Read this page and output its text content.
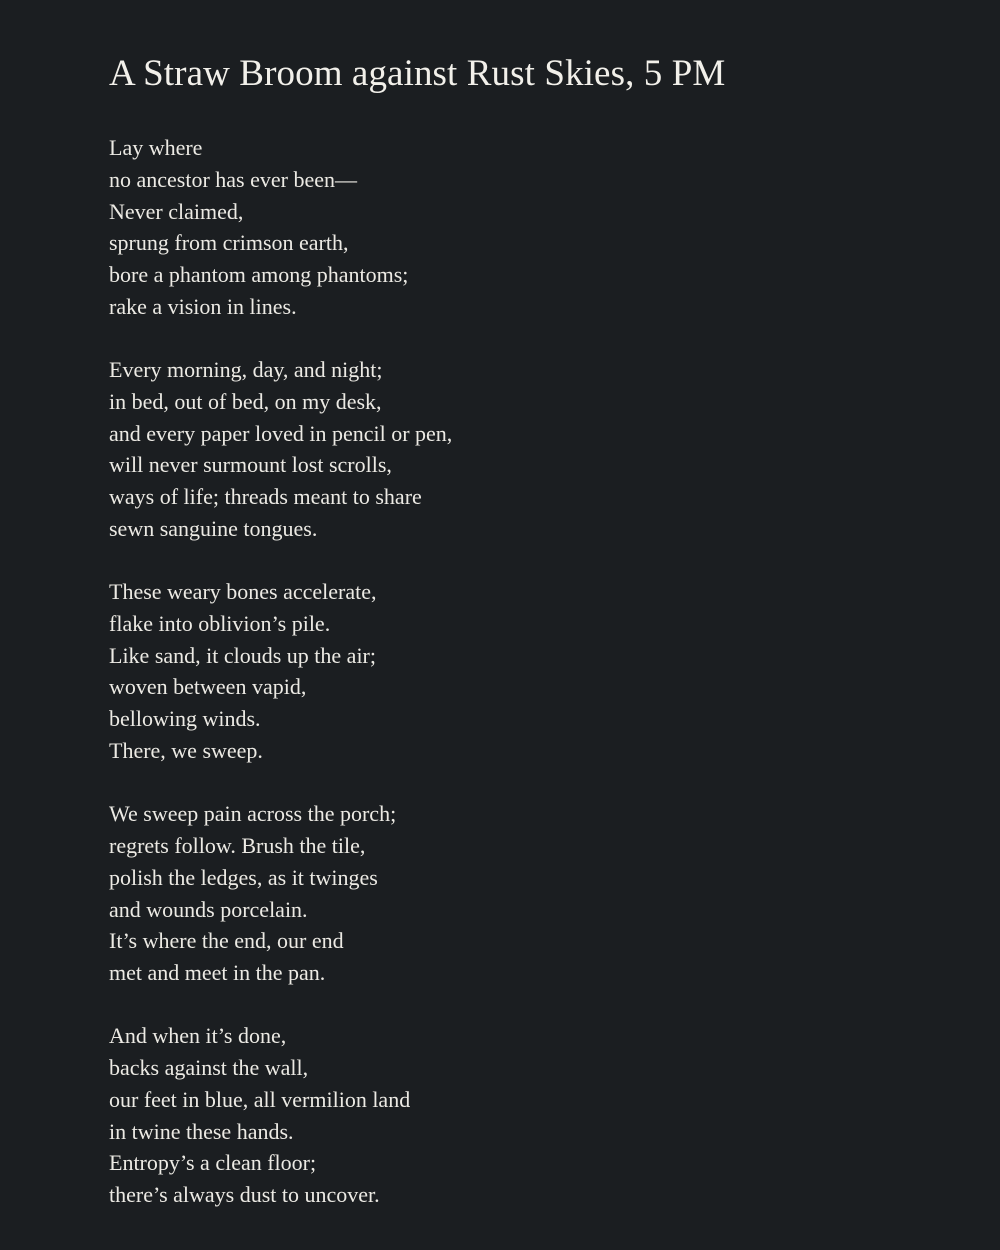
A Straw Broom against Rust Skies, 5 PM
Lay where
no ancestor has ever been—
Never claimed,
sprung from crimson earth,
bore a phantom among phantoms;
rake a vision in lines.
Every morning, day, and night;
in bed, out of bed, on my desk,
and every paper loved in pencil or pen,
will never surmount lost scrolls,
ways of life; threads meant to share
sewn sanguine tongues.
These weary bones accelerate,
flake into oblivion’s pile.
Like sand, it clouds up the air;
woven between vapid,
bellowing winds.
There, we sweep.
We sweep pain across the porch;
regrets follow. Brush the tile,
polish the ledges, as it twinges
and wounds porcelain.
It’s where the end, our end
met and meet in the pan.
And when it’s done,
backs against the wall,
our feet in blue, all vermilion land
in twine these hands.
Entropy’s a clean floor;
there’s always dust to uncover.
